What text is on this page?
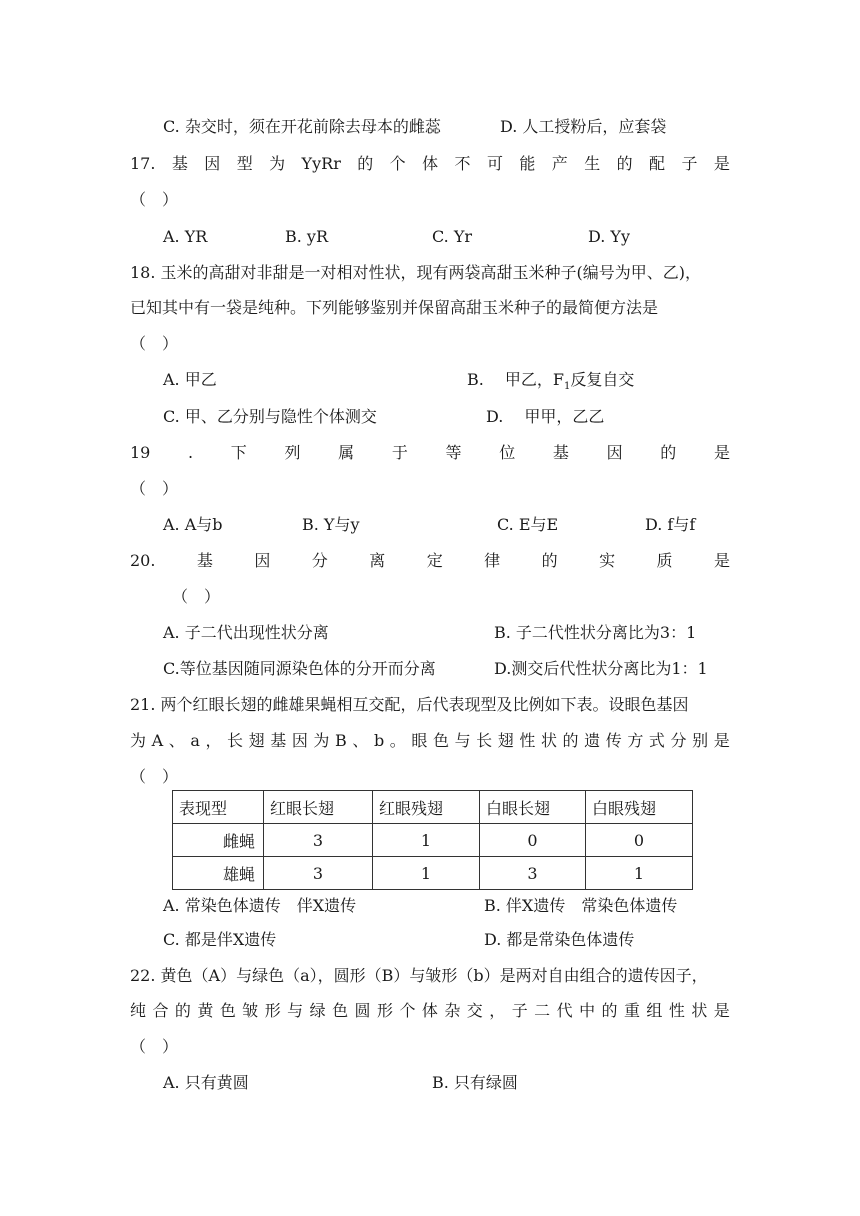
C. 杂交时，须在开花前除去母本的雌蕊	D. 人工授粉后，应套袋
17. 基 因 型 为 YyRr 的 个 体 不 可 能 产 生 的 配 子 是
（　）
A. YR	B. yR	C. Yr	D. Yy
18. 玉米的高甜对非甜是一对相对性状，现有两袋高甜玉米种子(编号为甲、乙)，
已知其中有一袋是纯种。下列能够鉴别并保留高甜玉米种子的最简便方法是
（　）
A. 甲乙	B.　 甲乙，$F_1$反复自交
C. 甲、乙分别与隐性个体测交	D.　 甲甲，乙乙
19 . 下 列 属 于 等 位 基 因 的 是
（　）
A. A与b	B. Y与y	C. E与E	D. f与f
20.	基	因	分	离	定	律	的	实	质	是
（　）
A. 子二代出现性状分离	B. 子二代性状分离比为3：1
C.等位基因随同源染色体的分开而分离	D.测交后代性状分离比为1：1
21. 两个红眼长翅的雌雄果蝇相互交配，后代表现型及比例如下表。设眼色基因
为 A 、 a ， 长 翅 基 因 为 B 、 b 。 眼 色 与 长 翅 性 状 的 遗 传 方 式 分 别 是
（　）
表现型	红眼长翅	红眼残翅	白眼长翅	白眼残翅
雌蝇	3	1	0	0
雄蝇	3	1	3	1
A. 常染色体遗传　伴X遗传	B. 伴X遗传　常染色体遗传
C. 都是伴X遗传	D. 都是常染色体遗传
22. 黄色（A）与绿色（a），圆形（B）与皱形（b）是两对自由组合的遗传因子，
纯 合 的 黄 色 皱 形 与 绿 色 圆 形 个 体 杂 交 ， 子 二 代 中 的 重 组 性 状 是
（　）
A. 只有黄圆	B. 只有绿圆
